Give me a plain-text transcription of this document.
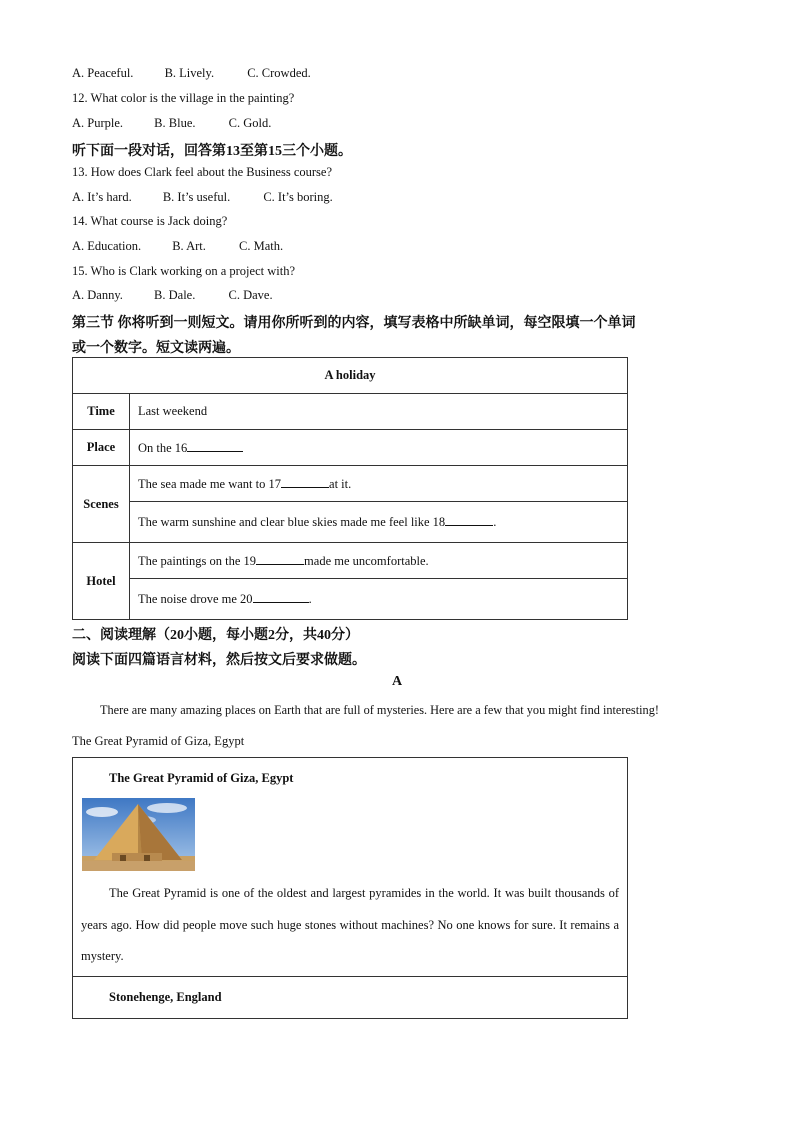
A. Peaceful. B. Lively.	C. Crowded.
12. What color is the village in the painting?
A. Purple. B. Blue.	C. Gold.
听下面一段对话，回答第13至第15三个小题。
13. How does Clark feel about the Business course?
A. It’s hard. B. It’s useful.	C. It’s boring.
14. What course is Jack doing?
A. Education. B. Art.	C. Math.
15. Who is Clark working on a project with?
A. Danny. B. Dale.	C. Dave.
第三节 你将听到一则短文。请用你所听到的内容，填写表格中所缺单词，每空限填一个单词
或一个数字。短文读两遍。
A holiday	
Time	Last weekend
Place	On the 16
Scenes	The sea made me want to 17 at it.
	The warm sunshine and clear blue skies made me feel like 18 .
Hotel	The paintings on the 19 made me uncomfortable.
	The noise drove me 20 .
二、阅读理解（20小题，每小题2分，共40分）
阅读下面四篇语言材料，然后按文后要求做题。
A
There are many amazing places on Earth that are full of mysteries. Here are a few that you might find interesting!
The Great Pyramid of Giza, Egypt
The Great Pyramid of Giza, Egypt
The Great Pyramid is one of the oldest and largest pyramides in the world. It was built thousands of years ago. How did people move such huge stones without machines? No one knows for sure. It remains a mystery.
Stonehenge, England
